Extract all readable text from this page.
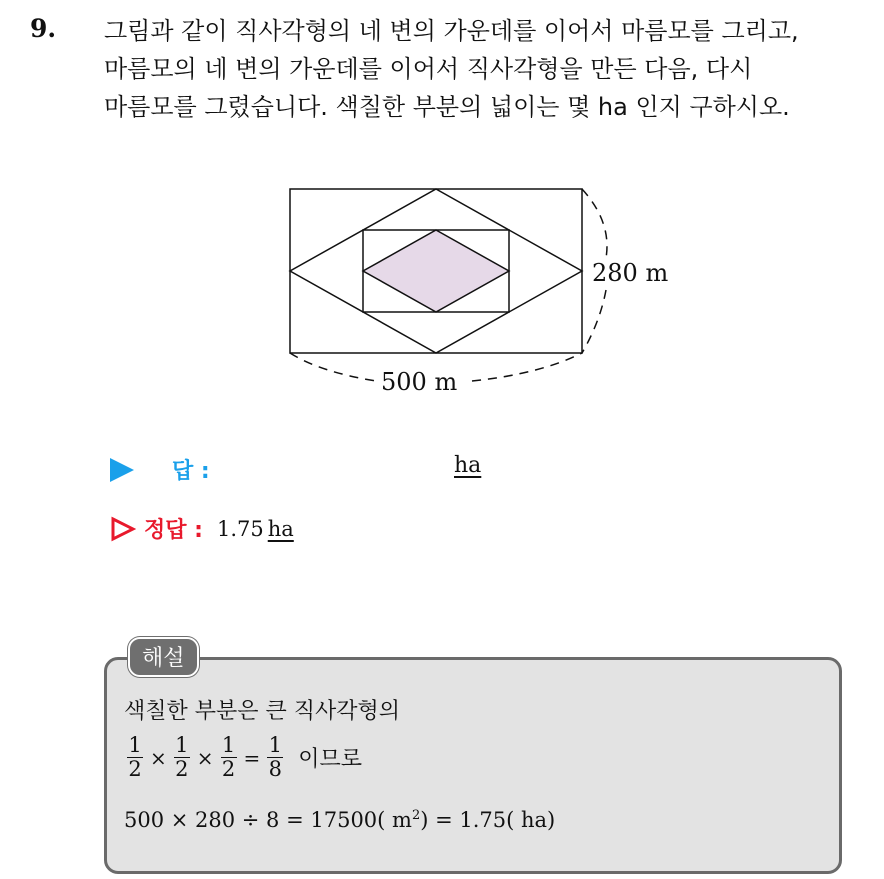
9. 그림과 같이 직사각형의 네 변의 가운데를 이어서 마름모를 그리고,
마름모의 네 변의 가운데를 이어서 직사각형을 만든 다음, 다시
마름모를 그렸습니다. 색칠한 부분의 넓이는 몇 ha 인지 구하시오.
280 m
500 m
답 :	ha
정답 : 1.75 ha
해설
색칠한 부분은 큰 직사각형의
$\frac{1}{2} \times \frac{1}{2} \times \frac{1}{2} = \frac{1}{8}$ 이므로
500 × 280 ÷ 8 = 17500( $m^2) = 1.75$( ha)
